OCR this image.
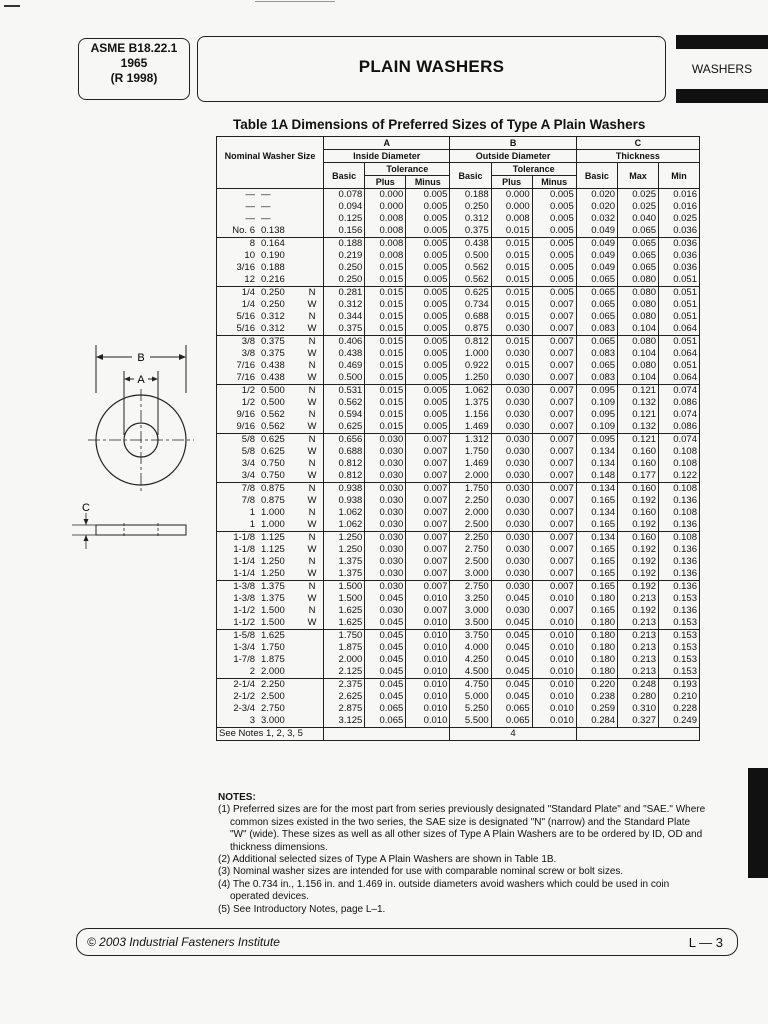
ASME B18.22.1
1965
(R 1998)
PLAIN WASHERS	WASHERS
Table 1A Dimensions of Preferred Sizes of Type A Plain Washers
B
A
C
Nominal Washer Size	A			B			C		
	Inside Diameter			Outside Diameter			Thickness		
	Basic	Tolerance		Basic	Tolerance		Basic	Max	Min
		Plus	Minus		Plus	Minus			

— —	0.078	0.000	0.005	0.188	0.000	0.005	0.020	0.025	0.016

— —	0.094	0.000	0.005	0.250	0.000	0.005	0.020	0.025	0.016

— —	0.125	0.008	0.005	0.312	0.008	0.005	0.032	0.040	0.025

No. 6 0.138	0.156	0.008	0.005	0.375	0.015	0.005	0.049	0.065	0.036

8 0.164	0.188	0.008	0.005	0.438	0.015	0.005	0.049	0.065	0.036

10 0.190	0.219	0.008	0.005	0.500	0.015	0.005	0.049	0.065	0.036

3/16 0.188	0.250	0.015	0.005	0.562	0.015	0.005	0.049	0.065	0.036

12 0.216	0.250	0.015	0.005	0.562	0.015	0.005	0.065	0.080	0.051

1/4 0.250 N	0.281	0.015	0.005	0.625	0.015	0.005	0.065	0.080	0.051

1/4 0.250 W	0.312	0.015	0.005	0.734	0.015	0.007	0.065	0.080	0.051

5/16 0.312 N	0.344	0.015	0.005	0.688	0.015	0.007	0.065	0.080	0.051

5/16 0.312 W	0.375	0.015	0.005	0.875	0.030	0.007	0.083	0.104	0.064

3/8 0.375 N	0.406	0.015	0.005	0.812	0.015	0.007	0.065	0.080	0.051

3/8 0.375 W	0.438	0.015	0.005	1.000	0.030	0.007	0.083	0.104	0.064

7/16 0.438 N	0.469	0.015	0.005	0.922	0.015	0.007	0.065	0.080	0.051

7/16 0.438 W	0.500	0.015	0.005	1.250	0.030	0.007	0.083	0.104	0.064

1/2 0.500 N	0.531	0.015	0.005	1.062	0.030	0.007	0.095	0.121	0.074

1/2 0.500 W	0.562	0.015	0.005	1.375	0.030	0.007	0.109	0.132	0.086

9/16 0.562 N	0.594	0.015	0.005	1.156	0.030	0.007	0.095	0.121	0.074

9/16 0.562 W	0.625	0.015	0.005	1.469	0.030	0.007	0.109	0.132	0.086

5/8 0.625 N	0.656	0.030	0.007	1.312	0.030	0.007	0.095	0.121	0.074

5/8 0.625 W	0.688	0.030	0.007	1.750	0.030	0.007	0.134	0.160	0.108

3/4 0.750 N	0.812	0.030	0.007	1.469	0.030	0.007	0.134	0.160	0.108

3/4 0.750 W	0.812	0.030	0.007	2.000	0.030	0.007	0.148	0.177	0.122

7/8 0.875 N	0.938	0.030	0.007	1.750	0.030	0.007	0.134	0.160	0.108

7/8 0.875 W	0.938	0.030	0.007	2.250	0.030	0.007	0.165	0.192	0.136

1 1.000 N	1.062	0.030	0.007	2.000	0.030	0.007	0.134	0.160	0.108

1 1.000 W	1.062	0.030	0.007	2.500	0.030	0.007	0.165	0.192	0.136

1-1/8 1.125 N	1.250	0.030	0.007	2.250	0.030	0.007	0.134	0.160	0.108

1-1/8 1.125 W	1.250	0.030	0.007	2.750	0.030	0.007	0.165	0.192	0.136

1-1/4 1.250 N	1.375	0.030	0.007	2.500	0.030	0.007	0.165	0.192	0.136

1-1/4 1.250 W	1.375	0.030	0.007	3.000	0.030	0.007	0.165	0.192	0.136

1-3/8 1.375 N	1.500	0.030	0.007	2.750	0.030	0.007	0.165	0.192	0.136

1-3/8 1.375 W	1.500	0.045	0.010	3.250	0.045	0.010	0.180	0.213	0.153

1-1/2 1.500 N	1.625	0.030	0.007	3.000	0.030	0.007	0.165	0.192	0.136

1-1/2 1.500 W	1.625	0.045	0.010	3.500	0.045	0.010	0.180	0.213	0.153

1-5/8 1.625	1.750	0.045	0.010	3.750	0.045	0.010	0.180	0.213	0.153

1-3/4 1.750	1.875	0.045	0.010	4.000	0.045	0.010	0.180	0.213	0.153

1-7/8 1.875	2.000	0.045	0.010	4.250	0.045	0.010	0.180	0.213	0.153

2 2.000	2.125	0.045	0.010	4.500	0.045	0.010	0.180	0.213	0.153

2-1/4 2.250	2.375	0.045	0.010	4.750	0.045	0.010	0.220	0.248	0.193

2-1/2 2.500	2.625	0.045	0.010	5.000	0.045	0.010	0.238	0.280	0.210

2-3/4 2.750	2.875	0.065	0.010	5.250	0.065	0.010	0.259	0.310	0.228

3 3.000	3.125	0.065	0.010	5.500	0.065	0.010	0.284	0.327	0.249
See Notes 1, 2, 3, 5				4					
NOTES:
(1) Preferred sizes are for the most part from series previously designated "Standard Plate" and "SAE." Where common sizes existed in the two series, the SAE size is designated "N" (narrow) and the Standard Plate "W" (wide). These sizes as well as all other sizes of Type A Plain Washers are to be ordered by ID, OD and thickness dimensions.
(2) Additional selected sizes of Type A Plain Washers are shown in Table 1B.
(3) Nominal washer sizes are intended for use with comparable nominal screw or bolt sizes.
(4) The 0.734 in., 1.156 in. and 1.469 in. outside diameters avoid washers which could be used in coin operated devices.
(5) See Introductory Notes, page L–1.
© 2003 Industrial Fasteners Institute	L — 3
